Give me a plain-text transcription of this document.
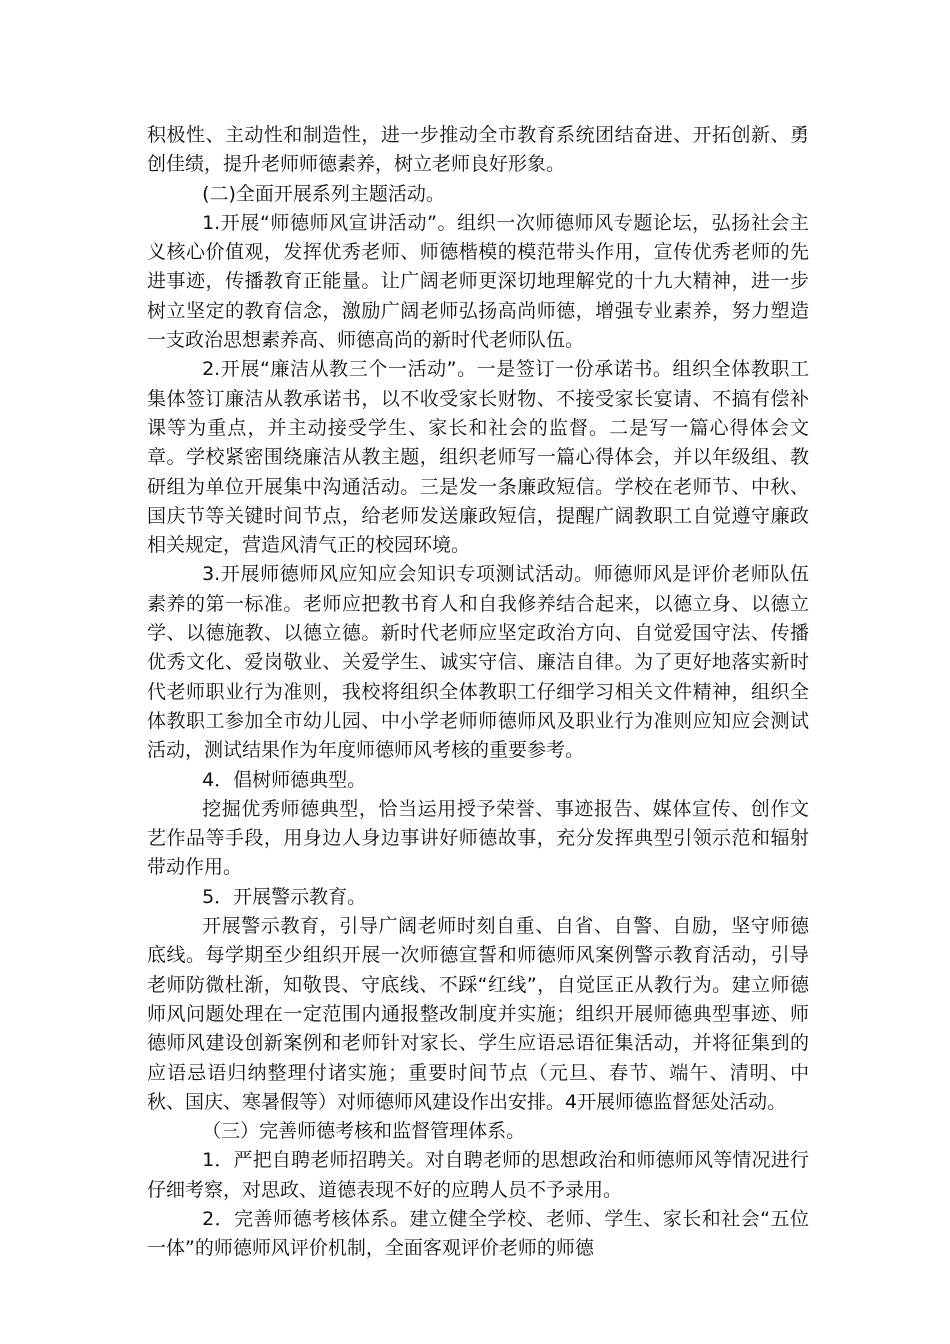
积极性、主动性和制造性，进一步推动全市教育系统团结奋进、开拓创新、勇创佳绩，提升老师师德素养，树立老师良好形象。

(二)全面开展系列主题活动。

1.开展“师德师风宣讲活动”。组织一次师德师风专题论坛，弘扬社会主义核心价值观，发挥优秀老师、师德楷模的模范带头作用，宣传优秀老师的先进事迹，传播教育正能量。让广阔老师更深切地理解党的十九大精神，进一步树立坚定的教育信念，激励广阔老师弘扬高尚师德，增强专业素养，努力塑造一支政治思想素养高、师德高尚的新时代老师队伍。

2.开展“廉洁从教三个一活动”。一是签订一份承诺书。组织全体教职工集体签订廉洁从教承诺书，以不收受家长财物、不接受家长宴请、不搞有偿补课等为重点，并主动接受学生、家长和社会的监督。二是写一篇心得体会文章。学校紧密围绕廉洁从教主题，组织老师写一篇心得体会，并以年级组、教研组为单位开展集中沟通活动。三是发一条廉政短信。学校在老师节、中秋、国庆节等关键时间节点，给老师发送廉政短信，提醒广阔教职工自觉遵守廉政相关规定，营造风清气正的校园环境。

3.开展师德师风应知应会知识专项测试活动。师德师风是评价老师队伍素养的第一标准。老师应把教书育人和自我修养结合起来，以德立身、以德立学、以德施教、以德立德。新时代老师应坚定政治方向、自觉爱国守法、传播优秀文化、爱岗敬业、关爱学生、诚实守信、廉洁自律。为了更好地落实新时代老师职业行为准则，我校将组织全体教职工仔细学习相关文件精神，组织全体教职工参加全市幼儿园、中小学老师师德师风及职业行为准则应知应会测试活动，测试结果作为年度师德师风考核的重要参考。

4．倡树师德典型。

挖掘优秀师德典型，恰当运用授予荣誉、事迹报告、媒体宣传、创作文艺作品等手段，用身边人身边事讲好师德故事，充分发挥典型引领示范和辐射带动作用。

5．开展警示教育。

开展警示教育，引导广阔老师时刻自重、自省、自警、自励，坚守师德底线。每学期至少组织开展一次师德宣誓和师德师风案例警示教育活动，引导老师防微杜渐，知敬畏、守底线、不踩“红线”，自觉匡正从教行为。建立师德师风问题处理在一定范围内通报整改制度并实施；组织开展师德典型事迹、师德师风建设创新案例和老师针对家长、学生应语忌语征集活动，并将征集到的应语忌语归纳整理付诸实施；重要时间节点（元旦、春节、端午、清明、中秋、国庆、寒暑假等）对师德师风建设作出安排。4开展师德监督惩处活动。

（三）完善师德考核和监督管理体系。

1．严把自聘老师招聘关。对自聘老师的思想政治和师德师风等情况进行仔细考察，对思政、道德表现不好的应聘人员不予录用。

2．完善师德考核体系。建立健全学校、老师、学生、家长和社会“五位一体”的师德师风评价机制，全面客观评价老师的师德
